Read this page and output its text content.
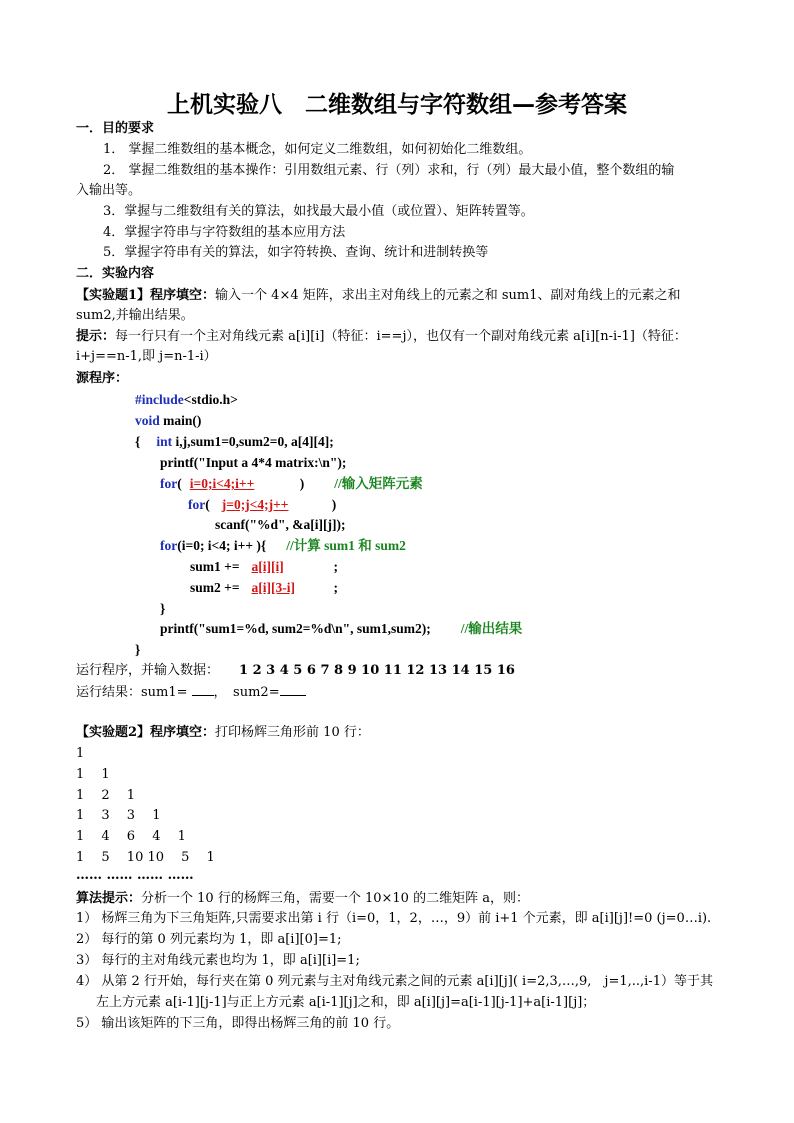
上机实验八　二维数组与字符数组—参考答案
一．目的要求
1． 掌握二维数组的基本概念，如何定义二维数组，如何初始化二维数组。
2． 掌握二维数组的基本操作：引用数组元素、行（列）求和，行（列）最大最小值，整个数组的输
入输出等。
3．掌握与二维数组有关的算法，如找最大最小值（或位置）、矩阵转置等。
4．掌握字符串与字符数组的基本应用方法
5．掌握字符串有关的算法，如字符转换、查询、统计和进制转换等
二．实验内容
【实验题1】程序填空：输入一个 4×4 矩阵，求出主对角线上的元素之和 sum1、副对角线上的元素之和
sum2,并输出结果。
提示：每一行只有一个主对角线元素 a[i][i]（特征：i==j），也仅有一个副对角线元素 a[i][n-i-1]（特征：
i+j==n-1,即 j=n-1-i）
源程序：
#include<stdio.h>
void main()
{ int i,j,sum1=0,sum2=0, a[4][4];
printf("Input a 4*4 matrix:\n");
for( i=0;i<4;i++	) //输入矩阵元素
for( j=0;j<4;j++	)
scanf("%d", &a[i][j]);
for(i=0; i<4; i++ ){ //计算 sum1 和 sum2
sum1 += a[i][i]	;
sum2 += a[i][3-i]	;
}
printf("sum1=%d, sum2=%d\n", sum1,sum2); //输出结果
}
运行程序，并输入数据： 1 2 3 4 5 6 7 8 9 10 11 12 13 14 15 16
运行结果：sum1= ，　sum2=
【实验题2】程序填空：打印杨辉三角形前 10 行：
1
1　 1
1　 2　 1
1　 3　 3　 1
1　 4　 6　 4　 1
1　 5　 10 10　 5　 1
…… …… …… ……
算法提示：分析一个 10 行的杨辉三角，需要一个 10×10 的二维矩阵 a，则：
1） 杨辉三角为下三角矩阵,只需要求出第 i 行（i=0，1，2，…，9）前 i+1 个元素，即 a[i][j]!=0 (j=0…i).
2） 每行的第 0 列元素均为 1，即 a[i][0]=1;
3） 每行的主对角线元素也均为 1，即 a[i][i]=1;
4） 从第 2 行开始，每行夹在第 0 列元素与主对角线元素之间的元素 a[i][j]( i=2,3,…,9,　j=1,..,i-1）等于其
左上方元素 a[i-1][j-1]与正上方元素 a[i-1][j]之和，即 a[i][j]=a[i-1][j-1]+a[i-1][j]；
5） 输出该矩阵的下三角，即得出杨辉三角的前 10 行。
